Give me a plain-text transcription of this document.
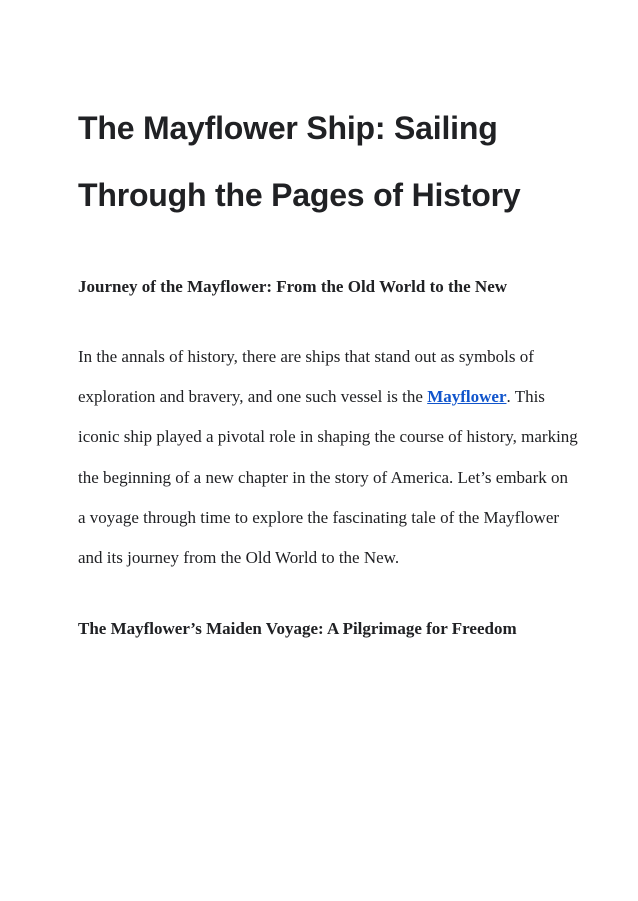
The Mayflower Ship: Sailing Through the Pages of History
Journey of the Mayflower: From the Old World to the New

In the annals of history, there are ships that stand out as symbols of exploration and bravery, and one such vessel is the Mayflower. This iconic ship played a pivotal role in shaping the course of history, marking the beginning of a new chapter in the story of America. Let’s embark on a voyage through time to explore the fascinating tale of the Mayflower and its journey from the Old World to the New.

The Mayflower’s Maiden Voyage: A Pilgrimage for Freedom
